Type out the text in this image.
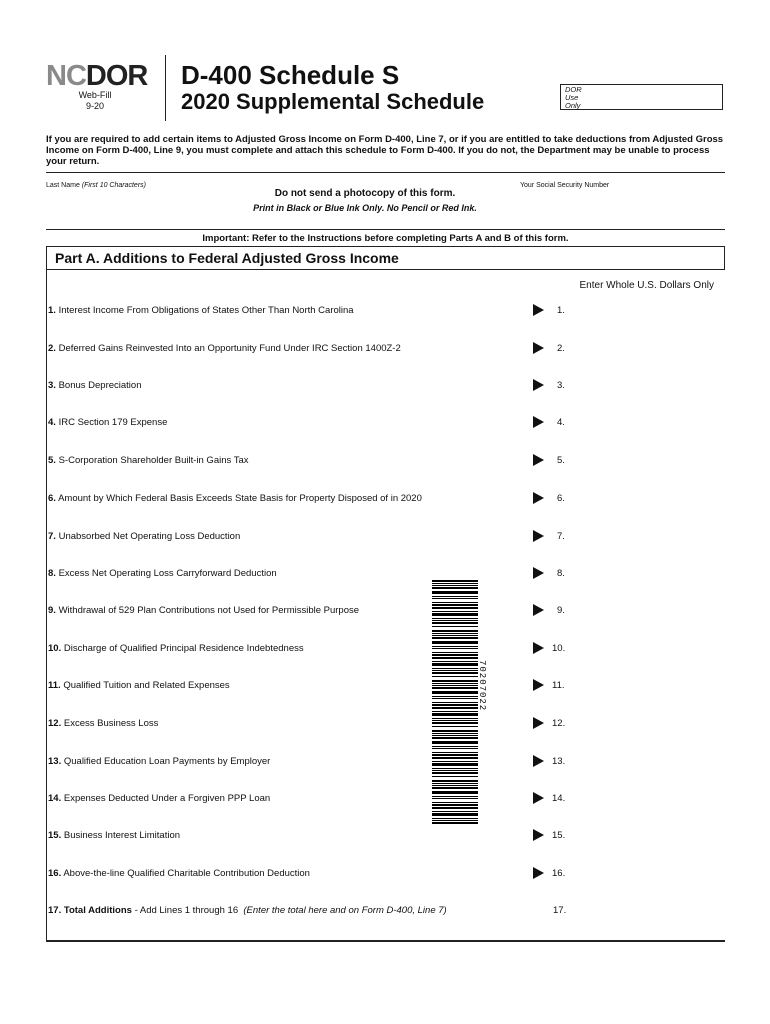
NCDOR
Web-Fill
9-20
D-400 Schedule S
2020 Supplemental Schedule	DOR
Use
Only
If you are required to add certain items to Adjusted Gross Income on Form D-400, Line 7, or if you are entitled to take deductions from Adjusted Gross Income on Form D-400, Line 9, you must complete and attach this schedule to Form D-400. If you do not, the Department may be unable to process your return.
Last Name (First 10 Characters)	Your Social Security Number
Do not send a photocopy of this form.
Print in Black or Blue Ink Only. No Pencil or Red Ink.
Important: Refer to the Instructions before completing Parts A and B of this form.
Part A. Additions to Federal Adjusted Gross Income
Enter Whole U.S. Dollars Only
1. Interest Income From Obligations of States Other Than North Carolina	1.
2. Deferred Gains Reinvested Into an Opportunity Fund Under IRC Section 1400Z-2	2.
3. Bonus Depreciation	3.
4. IRC Section 179 Expense	4.
5. S-Corporation Shareholder Built-in Gains Tax	5.
6. Amount by Which Federal Basis Exceeds State Basis for Property Disposed of in 2020	6.
7. Unabsorbed Net Operating Loss Deduction	7.
8. Excess Net Operating Loss Carryforward Deduction	8.
9. Withdrawal of 529 Plan Contributions not Used for Permissible Purpose	9.
10. Discharge of Qualified Principal Residence Indebtedness	10.
11. Qualified Tuition and Related Expenses	11.
12. Excess Business Loss	12.
13. Qualified Education Loan Payments by Employer	13.
14. Expenses Deducted Under a Forgiven PPP Loan	14.
15. Business Interest Limitation	15.
16. Above-the-line Qualified Charitable Contribution Deduction	16.
17. Total Additions - Add Lines 1 through 16 (Enter the total here and on Form D-400, Line 7)	17.
70207022
